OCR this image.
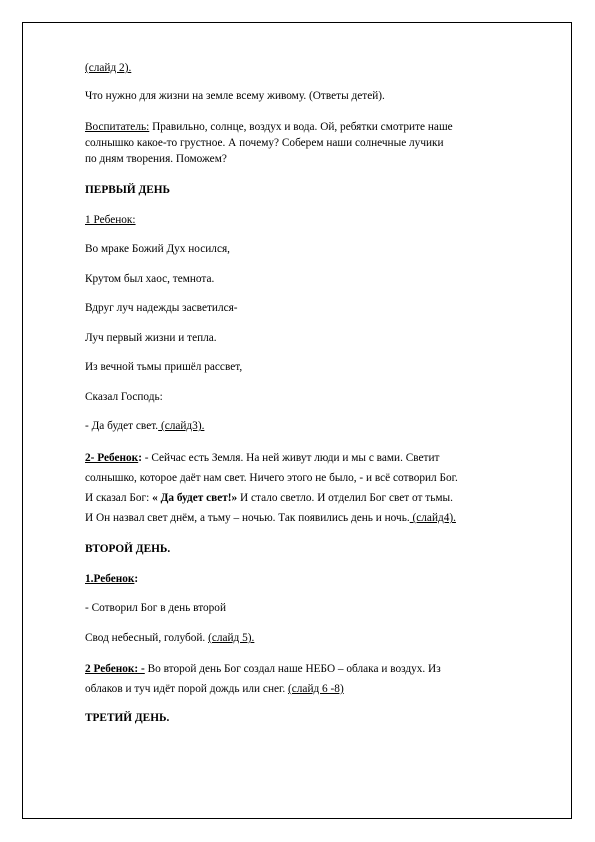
(слайд 2).
Что нужно для жизни на земле всему живому. (Ответы детей).
Воспитатель: Правильно, солнце, воздух и вода. Ой, ребятки смотрите наше
солнышко какое-то грустное. А почему? Соберем наши солнечные лучики
по дням творения. Поможем?
ПЕРВЫЙ ДЕНЬ
1 Ребенок:
Во мраке Божий Дух носился,
Крутом был хаос, темнота.
Вдруг луч надежды засветился-
Луч первый жизни и тепла.
Из вечной тьмы пришёл рассвет,
Сказал Господь:
- Да будет свет. (слайд3).
2- Ребенок: - Сейчас есть Земля. На ней живут люди и мы с вами. Светит
солнышко, которое даёт нам свет. Ничего этого не было, - и всё сотворил Бог.
И сказал Бог: « Да будет свет!» И стало светло. И отделил Бог свет от тьмы.
И Он назвал свет днём, а тьму – ночью. Так появились день и ночь. (слайд4).
ВТОРОЙ ДЕНЬ.
1.Ребенок:
- Сотворил Бог в день второй
Свод небесный, голубой. (слайд 5).
2 Ребенок: - Во второй день Бог создал наше НЕБО – облака и воздух. Из
облаков и туч идёт порой дождь или снег. (слайд 6 -8)
ТРЕТИЙ ДЕНЬ.
